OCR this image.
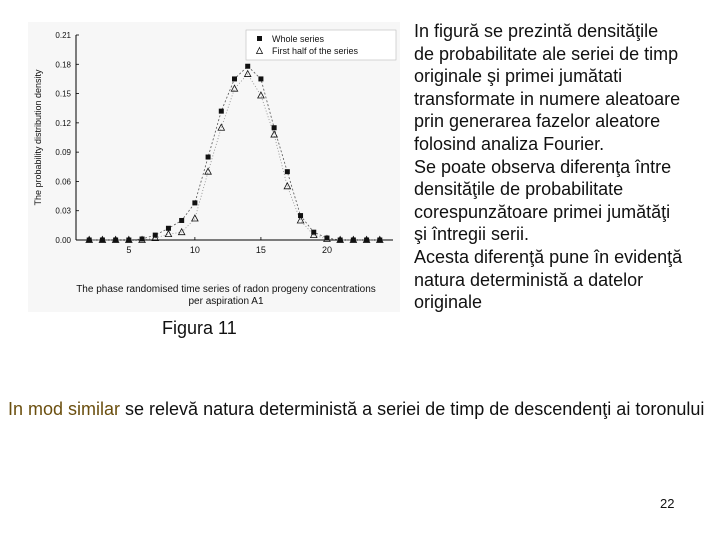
0.00
0.03
0.06
0.09
0.12
0.15
0.18
0.21
5	10	15	20
The probability distribution density
The phase randomised time series of radon progeny concentrations
per aspiration A1
Whole series
First half of the series
Figura 11
In figură se prezintă densităţile
de probabilitate ale seriei de timp
originale şi primei jumătati
transformate in numere aleatoare
prin generarea fazelor aleatore
folosind analiza Fourier.
Se poate observa diferenţa între
densităţile de probabilitate
corespunzătoare primei jumătăţi
şi întregii serii.
Acesta diferenţă pune în evidenţă
natura deterministă a datelor
originale
In mod similar se relevă natura deterministă a seriei de timp de descendenţi ai toronului
22
